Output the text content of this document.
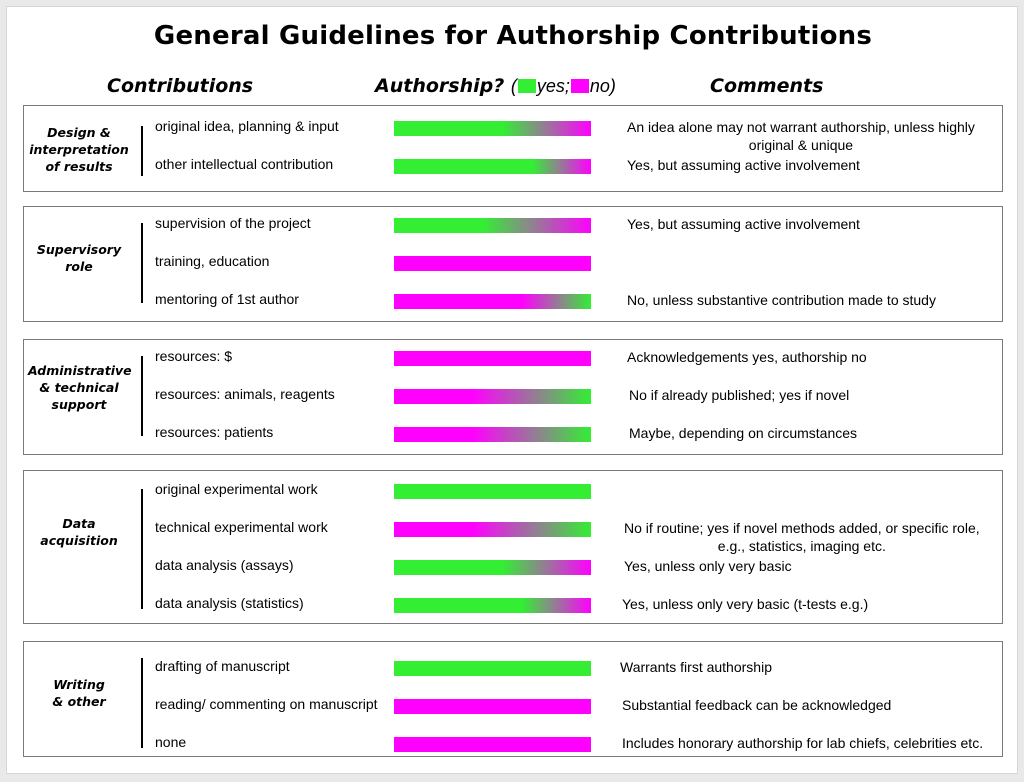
General Guidelines for Authorship Contributions
Contributions	Authorship? ( yes; no)	Comments
Design &
interpretation
of results
original idea, planning & input	An idea alone may not warrant authorship, unless highly
original & unique
other intellectual contribution	Yes, but assuming active involvement
Supervisory
role
supervision of the project	Yes, but assuming active involvement
training, education
mentoring of 1st author	No, unless substantive contribution made to study
Administrative
& technical
support
resources: $	Acknowledgements yes, authorship no
resources: animals, reagents	No if already published; yes if novel
resources: patients	Maybe, depending on circumstances
Data
acquisition
original experimental work
technical experimental work	No if routine; yes if novel methods added, or specific role,
e.g., statistics, imaging etc.
data analysis (assays)	Yes, unless only very basic
data analysis (statistics)	Yes, unless only very basic (t-tests e.g.)
Writing
& other
drafting of manuscript	Warrants first authorship
reading/ commenting on manuscript	Substantial feedback can be acknowledged
none	Includes honorary authorship for lab chiefs, celebrities etc.
